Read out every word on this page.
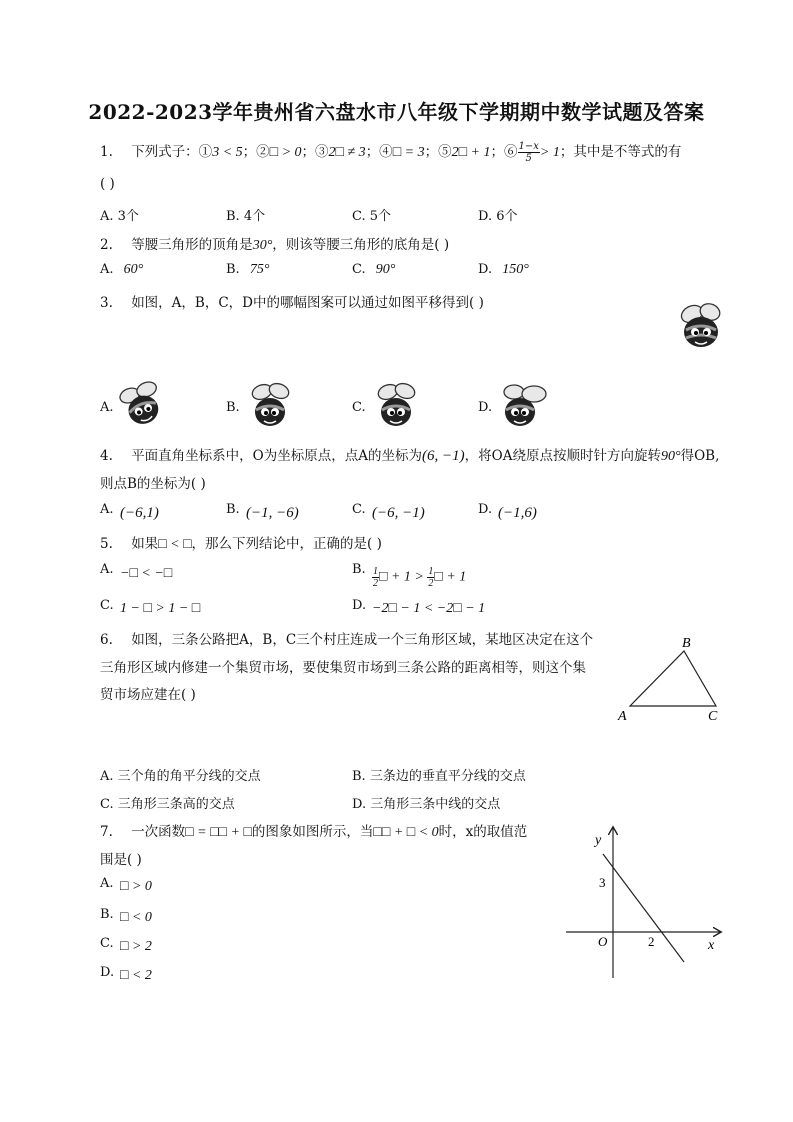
2022-2023学年贵州省六盘水市八年级下学期期中数学试题及答案
1. 下列式子：①3 < 5；②□ > 0；③2□ ≠ 3；④□ = 3；⑤2□ + 1；⑥ $\frac{1-x}{5} > 1$；其中是不等式的有
( )
A. 3个	B. 4个	C. 5个	D. 6个
2. 等腰三角形的顶角是30°，则该等腰三角形的底角是( )
A. 60°	B. 75°	C. 90°	D. 150°
3. 如图，A，B，C，D中的哪幅图案可以通过如图平移得到( )
A.	B.	C.	D.
4. 平面直角坐标系中，O为坐标原点，点A的坐标为(6, −1)，将OA绕原点按顺时针方向旋转90°得OB,
则点B的坐标为( )
A. (−6,1)	B. (−1, −6)	C. (−6, −1)	D. (−1,6)
5. 如果□ < □，那么下列结论中，正确的是( )
A. −□ < −□	B. $\frac{1}{2}$ □ + $1 > \frac{1}{2}$ □ + 1
C. 1 − □ > 1 − □	D. −2□ − 1 < −2□ − 1
6. 如图，三条公路把A，B，C三个村庄连成一个三角形区域，某地区决定在这个
三角形区域内修建一个集贸市场，要使集贸市场到三条公路的距离相等，则这个集
贸市场应建在( )
A
B
C
A. 三个角的角平分线的交点	B. 三条边的垂直平分线的交点
C. 三角形三条高的交点	D. 三角形三条中线的交点
7. 一次函数□ = □□ + □的图象如图所示，当□□ + □ < 0时，x的取值范
围是( )
A. □ > 0
B. □ < 0
C. □ > 2
D. □ < 2
y
x
O
3
2
